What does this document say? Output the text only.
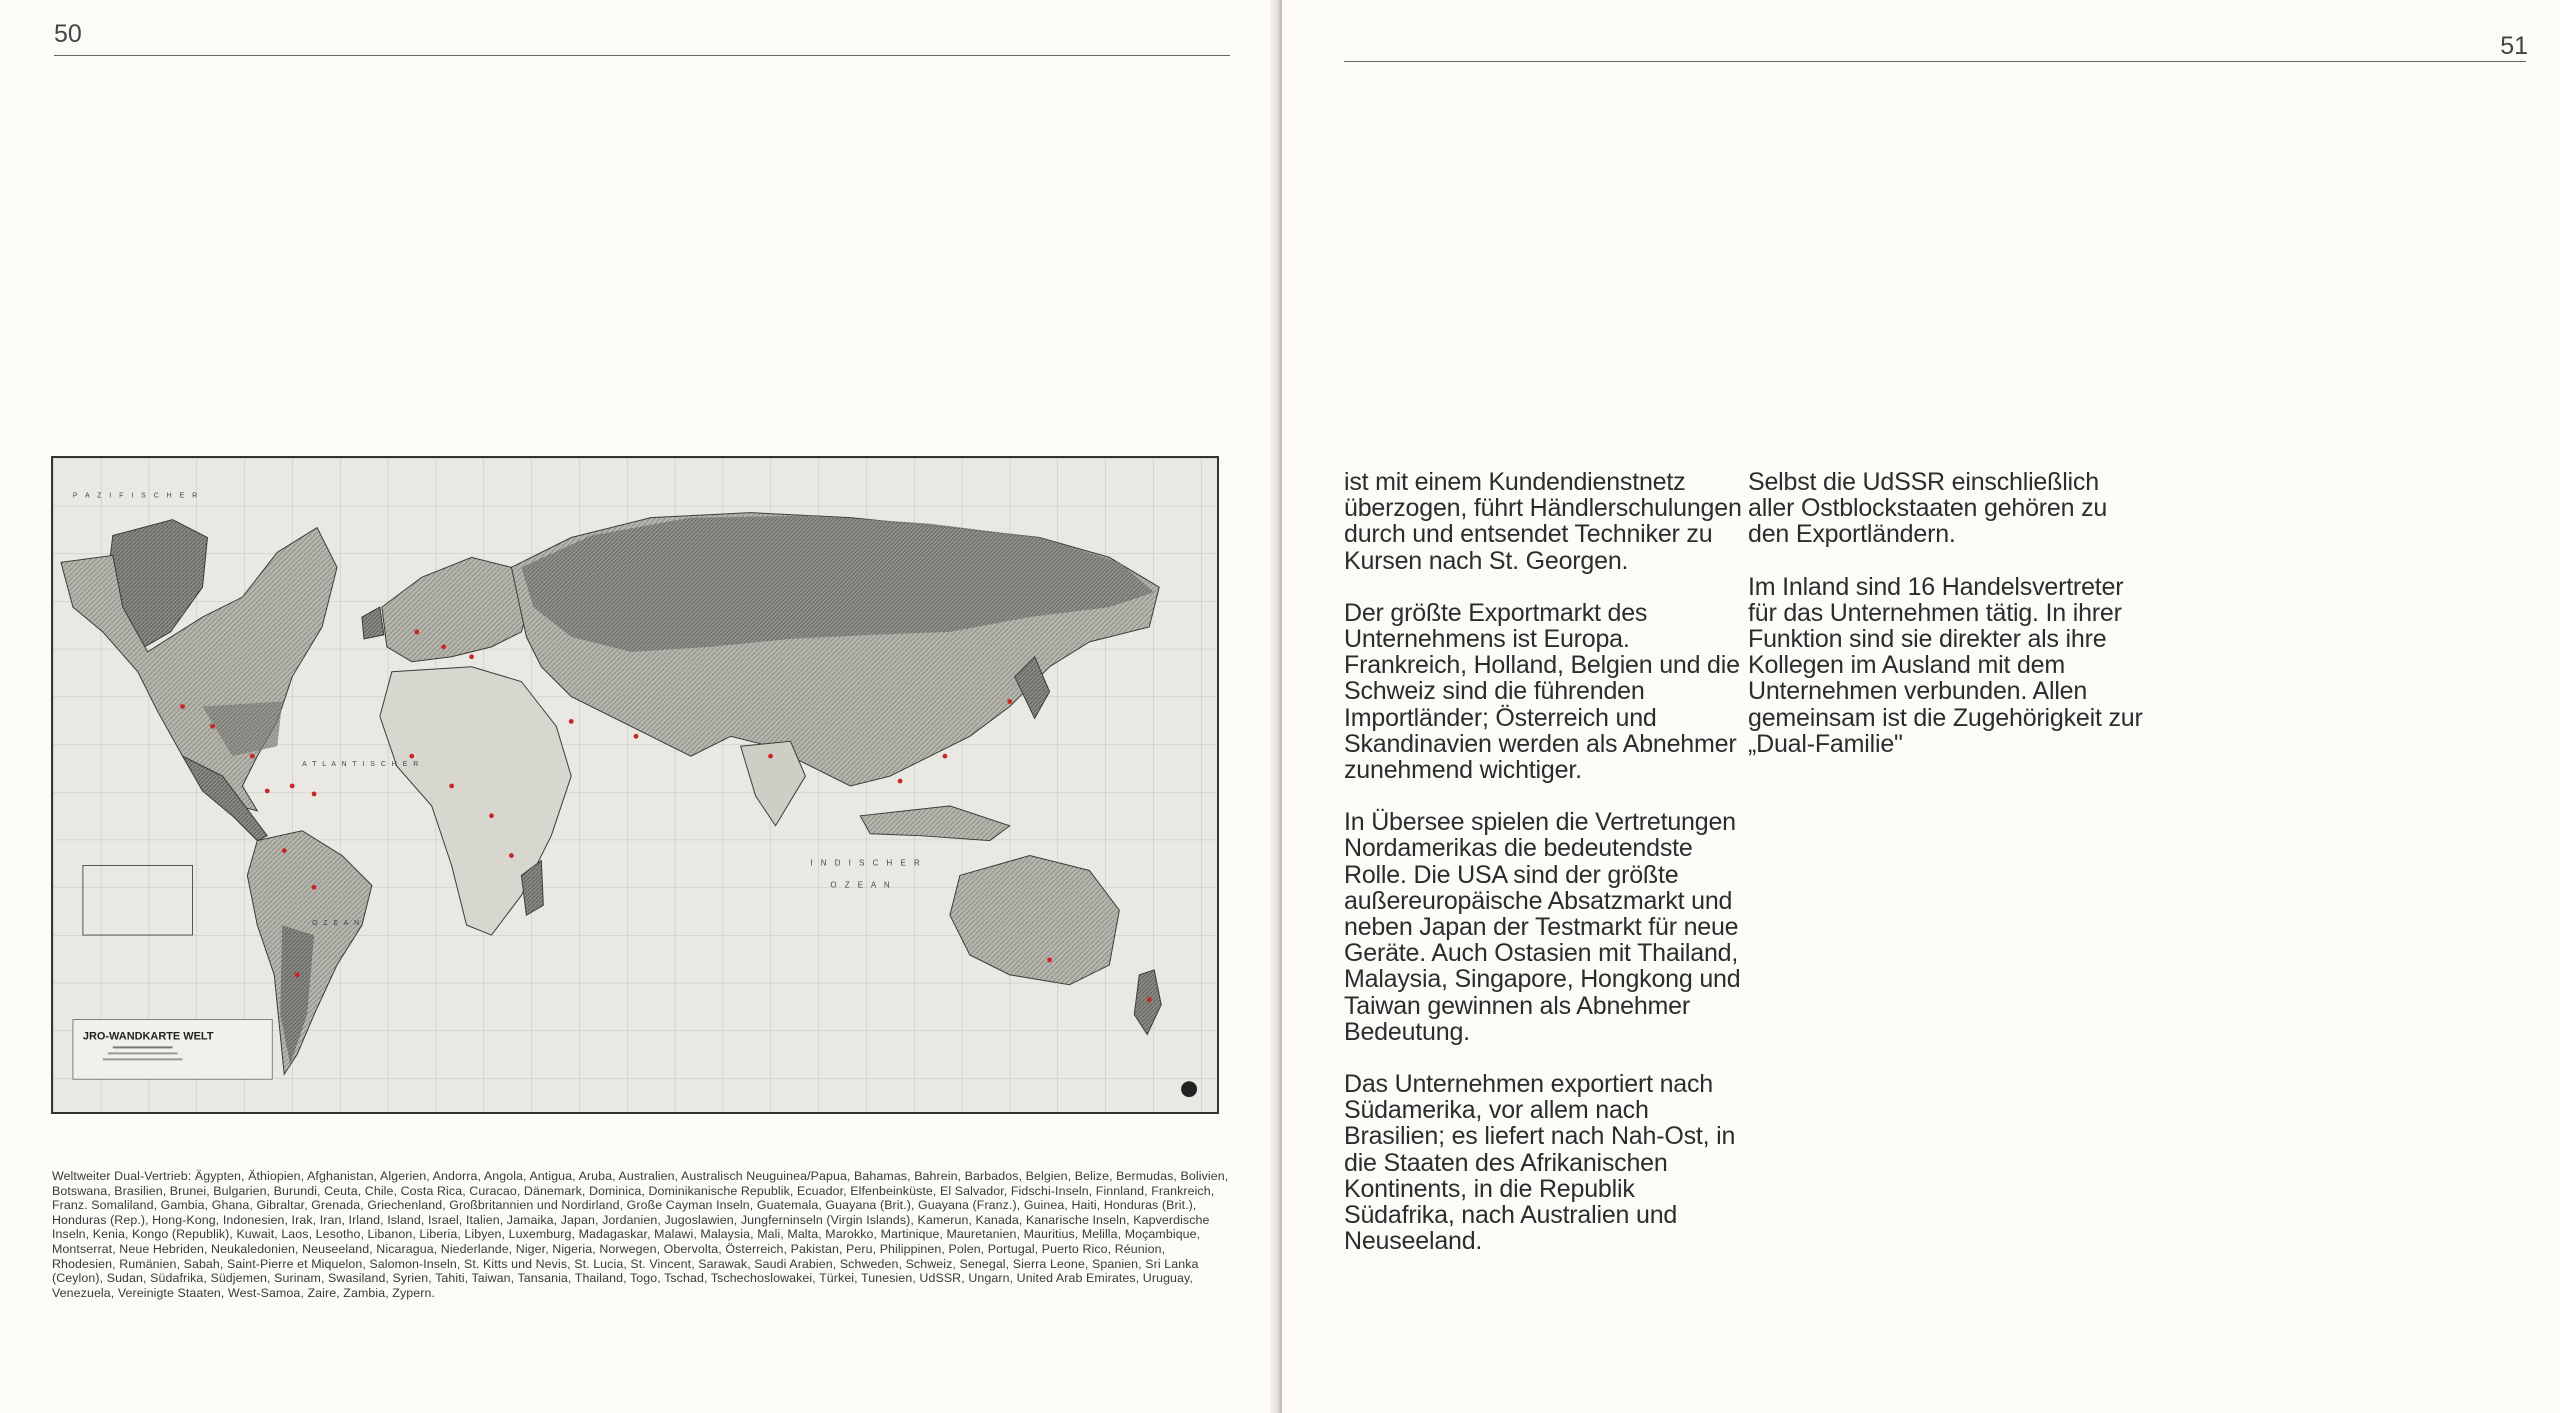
50
P A Z I F I S C H E R
O Z E A N
I N D I S C H E R
O Z E A N
A T L A N T I S C H E R
JRO-WANDKARTE WELT
Weltweiter Dual-Vertrieb: Ägypten, Äthiopien, Afghanistan, Algerien, Andorra, Angola, Antigua, Aruba, Australien, Australisch Neuguinea/Papua, Bahamas, Bahrein, Barbados, Belgien, Belize, Bermudas, Bolivien, Botswana, Brasilien, Brunei, Bulgarien, Burundi, Ceuta, Chile, Costa Rica, Curacao, Dänemark, Dominica, Dominikanische Republik, Ecuador, Elfenbeinküste, El Salvador, Fidschi-Inseln, Finnland, Frankreich, Franz. Somaliland, Gambia, Ghana, Gibraltar, Grenada, Griechenland, Großbritannien und Nordirland, Große Cayman Inseln, Guatemala, Guayana (Brit.), Guayana (Franz.), Guinea, Haiti, Honduras (Brit.), Honduras (Rep.), Hong-Kong, Indonesien, Irak, Iran, Irland, Island, Israel, Italien, Jamaika, Japan, Jordanien, Jugoslawien, Jungferninseln (Virgin Islands), Kamerun, Kanada, Kanarische Inseln, Kapverdische Inseln, Kenia, Kongo (Republik), Kuwait, Laos, Lesotho, Libanon, Liberia, Libyen, Luxemburg, Madagaskar, Malawi, Malaysia, Mali, Malta, Marokko, Martinique, Mauretanien, Mauritius, Melilla, Moçambique, Montserrat, Neue Hebriden, Neukaledonien, Neuseeland, Nicaragua, Niederlande, Niger, Nigeria, Norwegen, Obervolta, Österreich, Pakistan, Peru, Philippinen, Polen, Portugal, Puerto Rico, Réunion, Rhodesien, Rumänien, Sabah, Saint-Pierre et Miquelon, Salomon-Inseln, St. Kitts und Nevis, St. Lucia, St. Vincent, Sarawak, Saudi Arabien, Schweden, Schweiz, Senegal, Sierra Leone, Spanien, Sri Lanka (Ceylon), Sudan, Südafrika, Südjemen, Surinam, Swasiland, Syrien, Tahiti, Taiwan, Tansania, Thailand, Togo, Tschad, Tschechoslowakei, Türkei, Tunesien, UdSSR, Ungarn, United Arab Emirates, Uruguay, Venezuela, Vereinigte Staaten, West-Samoa, Zaire, Zambia, Zypern.
51

ist mit einem Kundendienstnetz überzogen, führt Händlerschulungen durch und entsendet Techniker zu Kursen nach St. Georgen.

Der größte Exportmarkt des Unternehmens ist Europa. Frankreich, Holland, Belgien und die Schweiz sind die führenden Importländer; Österreich und Skandinavien werden als Abnehmer zunehmend wichtiger.

In Übersee spielen die Vertretungen Nordamerikas die bedeutendste Rolle. Die USA sind der größte außereuropäische Absatzmarkt und neben Japan der Testmarkt für neue Geräte. Auch Ostasien mit Thailand, Malaysia, Singapore, Hongkong und Taiwan gewinnen als Abnehmer Bedeutung.

Das Unternehmen exportiert nach Südamerika, vor allem nach Brasilien; es liefert nach Nah-Ost, in die Staaten des Afrikanischen Kontinents, in die Republik Südafrika, nach Australien und Neuseeland.

Selbst die UdSSR einschließlich aller Ostblockstaaten gehören zu den Exportländern.

Im Inland sind 16 Handelsvertreter für das Unternehmen tätig. In ihrer Funktion sind sie direkter als ihre Kollegen im Ausland mit dem Unternehmen verbunden. Allen gemeinsam ist die Zugehörigkeit zur „Dual-Familie"
